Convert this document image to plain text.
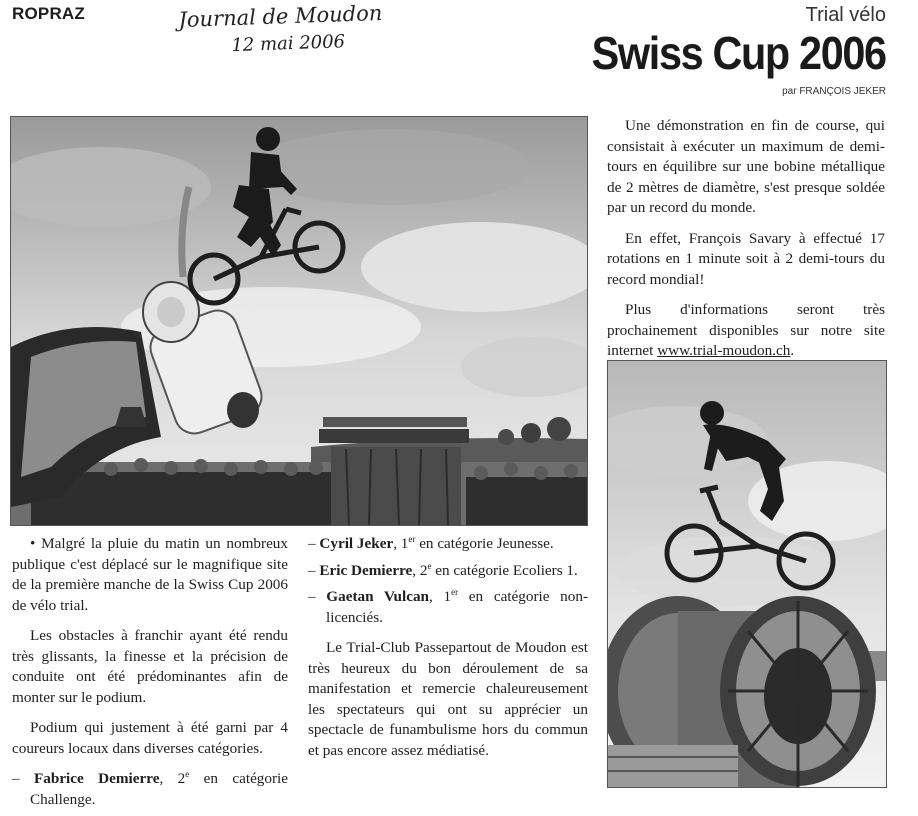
ROPRAZ	Journal de Moudon
12 mai 2006
Trial vélo
Swiss Cup 2006
par FRANÇOIS JEKER

Une démonstration en fin de course, qui consistait à exécuter un maximum de demi-tours en équilibre sur une bobine métallique de 2 mètres de diamètre, s'est presque soldée par un record du monde.

En effet, François Savary à effectué 17 rotations en 1 minute soit à 2 demi-tours du record mondial!

Plus d'informations seront très prochainement disponibles sur notre site internet www.trial-moudon.ch.

• Malgré la pluie du matin un nombreux publique c'est déplacé sur le magnifique site de la première manche de la Swiss Cup 2006 de vélo trial.

Les obstacles à franchir ayant été rendu très glissants, la finesse et la précision de conduite ont été prédominantes afin de monter sur le podium.

Podium qui justement à été garni par 4 coureurs locaux dans diverses catégories.

– Fabrice Demierre, 2e en catégorie Challenge.
– Cyril Jeker, 1er en catégorie Jeunesse.
– Eric Demierre, 2e en catégorie Ecoliers 1.
– Gaetan Vulcan, 1er en catégorie non-licenciés.

Le Trial-Club Passepartout de Moudon est très heureux du bon déroulement de sa manifestation et remercie chaleureusement les spectateurs qui ont su apprécier un spectacle de funambulisme hors du commun et pas encore assez médiatisé.
